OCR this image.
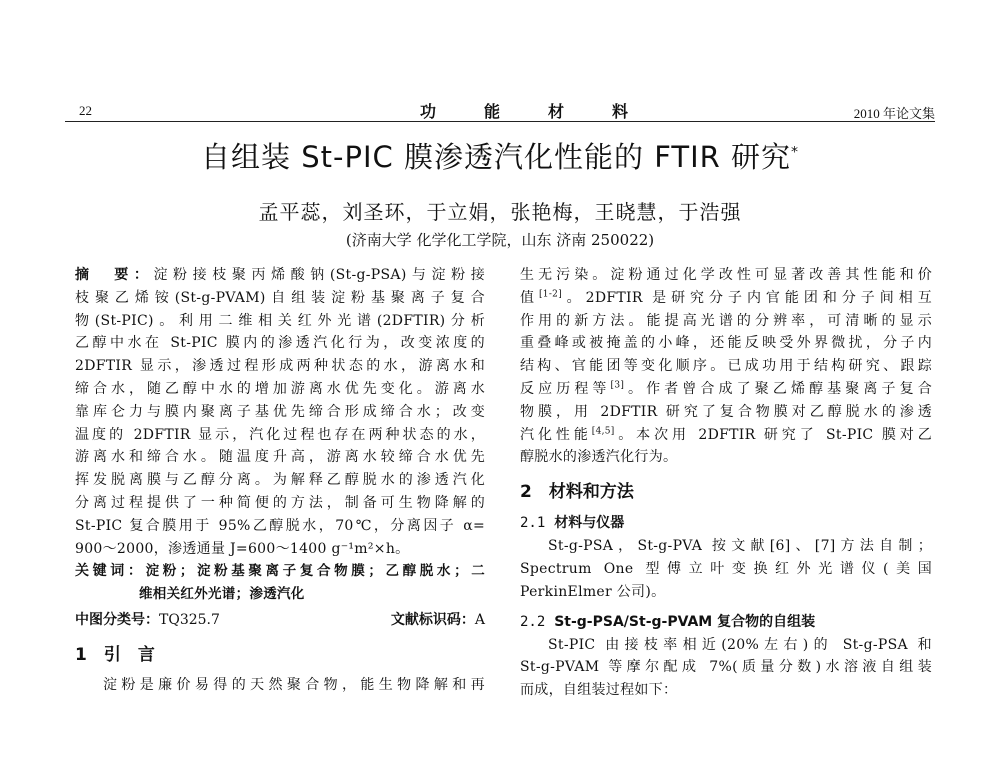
22	功能材料	2010 年论文集
自组装 St-PIC 膜渗透汽化性能的 FTIR 研究*
孟平蕊，刘圣环，于立娟，张艳梅，王晓慧，于浩强
(济南大学 化学化工学院，山东 济南 250022)

摘　要：淀粉接枝聚丙烯酸钠(St-g-PSA)与淀粉接

枝聚乙烯铵(St-g-PVAM)自组装淀粉基聚离子复合

物(St-PIC)。利用二维相关红外光谱(2DFTIR)分析

乙醇中水在 St-PIC 膜内的渗透汽化行为，改变浓度的

2DFTIR 显示，渗透过程形成两种状态的水，游离水和

缔合水，随乙醇中水的增加游离水优先变化。游离水

靠库仑力与膜内聚离子基优先缔合形成缔合水；改变

温度的 2DFTIR 显示，汽化过程也存在两种状态的水，

游离水和缔合水。随温度升高，游离水较缔合水优先

挥发脱离膜与乙醇分离。为解释乙醇脱水的渗透汽化

分离过程提供了一种简便的方法，制备可生物降解的

St-PIC 复合膜用于 95%乙醇脱水，70℃，分离因子 α=

900～2000，渗透通量 J=600～1400 g⁻¹m²×h。

关键词：淀粉；淀粉基聚离子复合物膜；乙醇脱水；二

维相关红外光谱；渗透汽化

中图分类号：TQ325.7	文献标识码：A
1　引　言

淀粉是廉价易得的天然聚合物，能生物降解和再

生无污染。淀粉通过化学改性可显著改善其性能和价

值[1-2]。2DFTIR 是研究分子内官能团和分子间相互

作用的新方法。能提高光谱的分辨率，可清晰的显示

重叠峰或被掩盖的小峰，还能反映受外界微扰，分子内

结构、官能团等变化顺序。已成功用于结构研究、跟踪

反应历程等[3]。作者曾合成了聚乙烯醇基聚离子复合

物膜，用 2DFTIR 研究了复合物膜对乙醇脱水的渗透

汽化性能[4,5]。本次用 2DFTIR 研究了 St-PIC 膜对乙

醇脱水的渗透汽化行为。

2　材料和方法
2.1 材料与仪器

St-g-PSA，St-g-PVA 按文献[6]、[7]方法自制；

Spectrum One 型傅立叶变换红外光谱仪(美国

PerkinElmer 公司)。

2.2 St-g-PSA/St-g-PVAM 复合物的自组装

St-PIC 由接枝率相近(20%左右)的 St-g-PSA 和

St-g-PVAM 等摩尔配成 7%(质量分数)水溶液自组装

而成，自组装过程如下：
